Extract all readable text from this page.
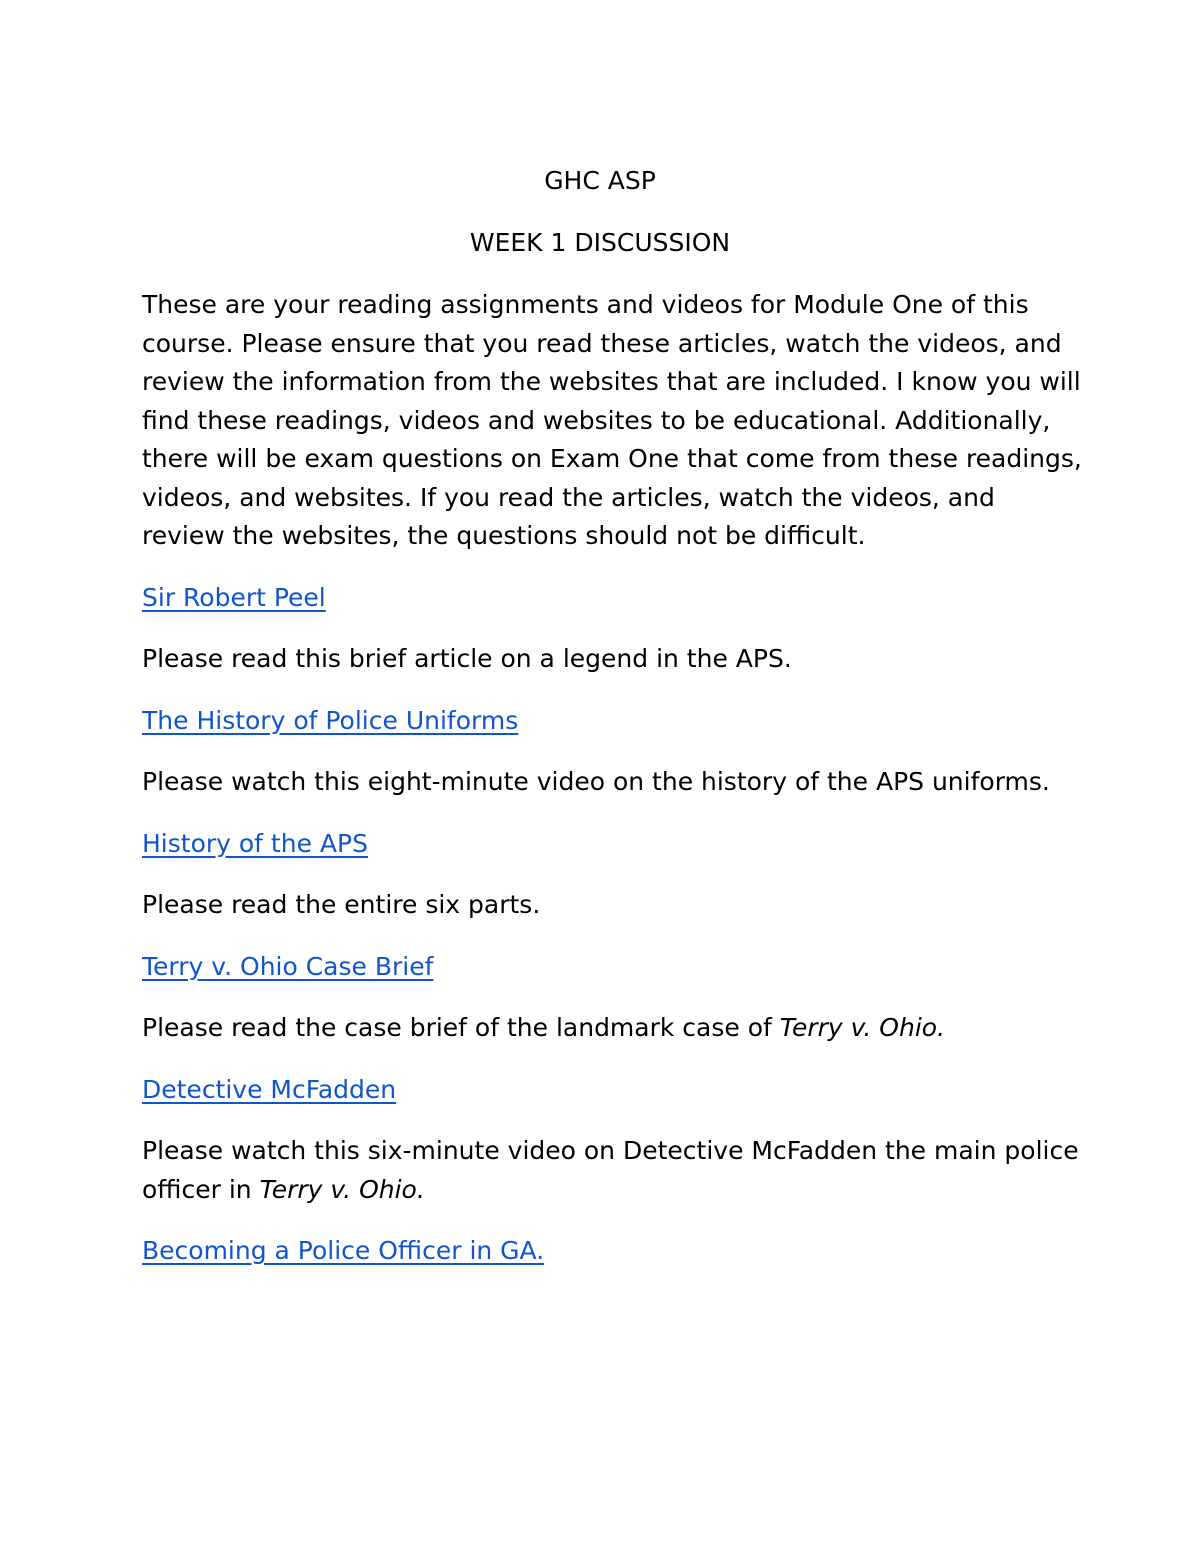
GHC ASP

WEEK 1 DISCUSSION

These are your reading assignments and videos for Module One of this course. Please ensure that you read these articles, watch the videos, and review the information from the websites that are included. I know you will find these readings, videos and websites to be educational. Additionally, there will be exam questions on Exam One that come from these readings, videos, and websites. If you read the articles, watch the videos, and review the websites, the questions should not be difficult.

Sir Robert Peel

Please read this brief article on a legend in the APS.

The History of Police Uniforms

Please watch this eight-minute video on the history of the APS uniforms.

History of the APS

Please read the entire six parts.

Terry v. Ohio Case Brief

Please read the case brief of the landmark case of Terry v. Ohio.

Detective McFadden

Please watch this six-minute video on Detective McFadden the main police officer in Terry v. Ohio.

Becoming a Police Officer in GA.
